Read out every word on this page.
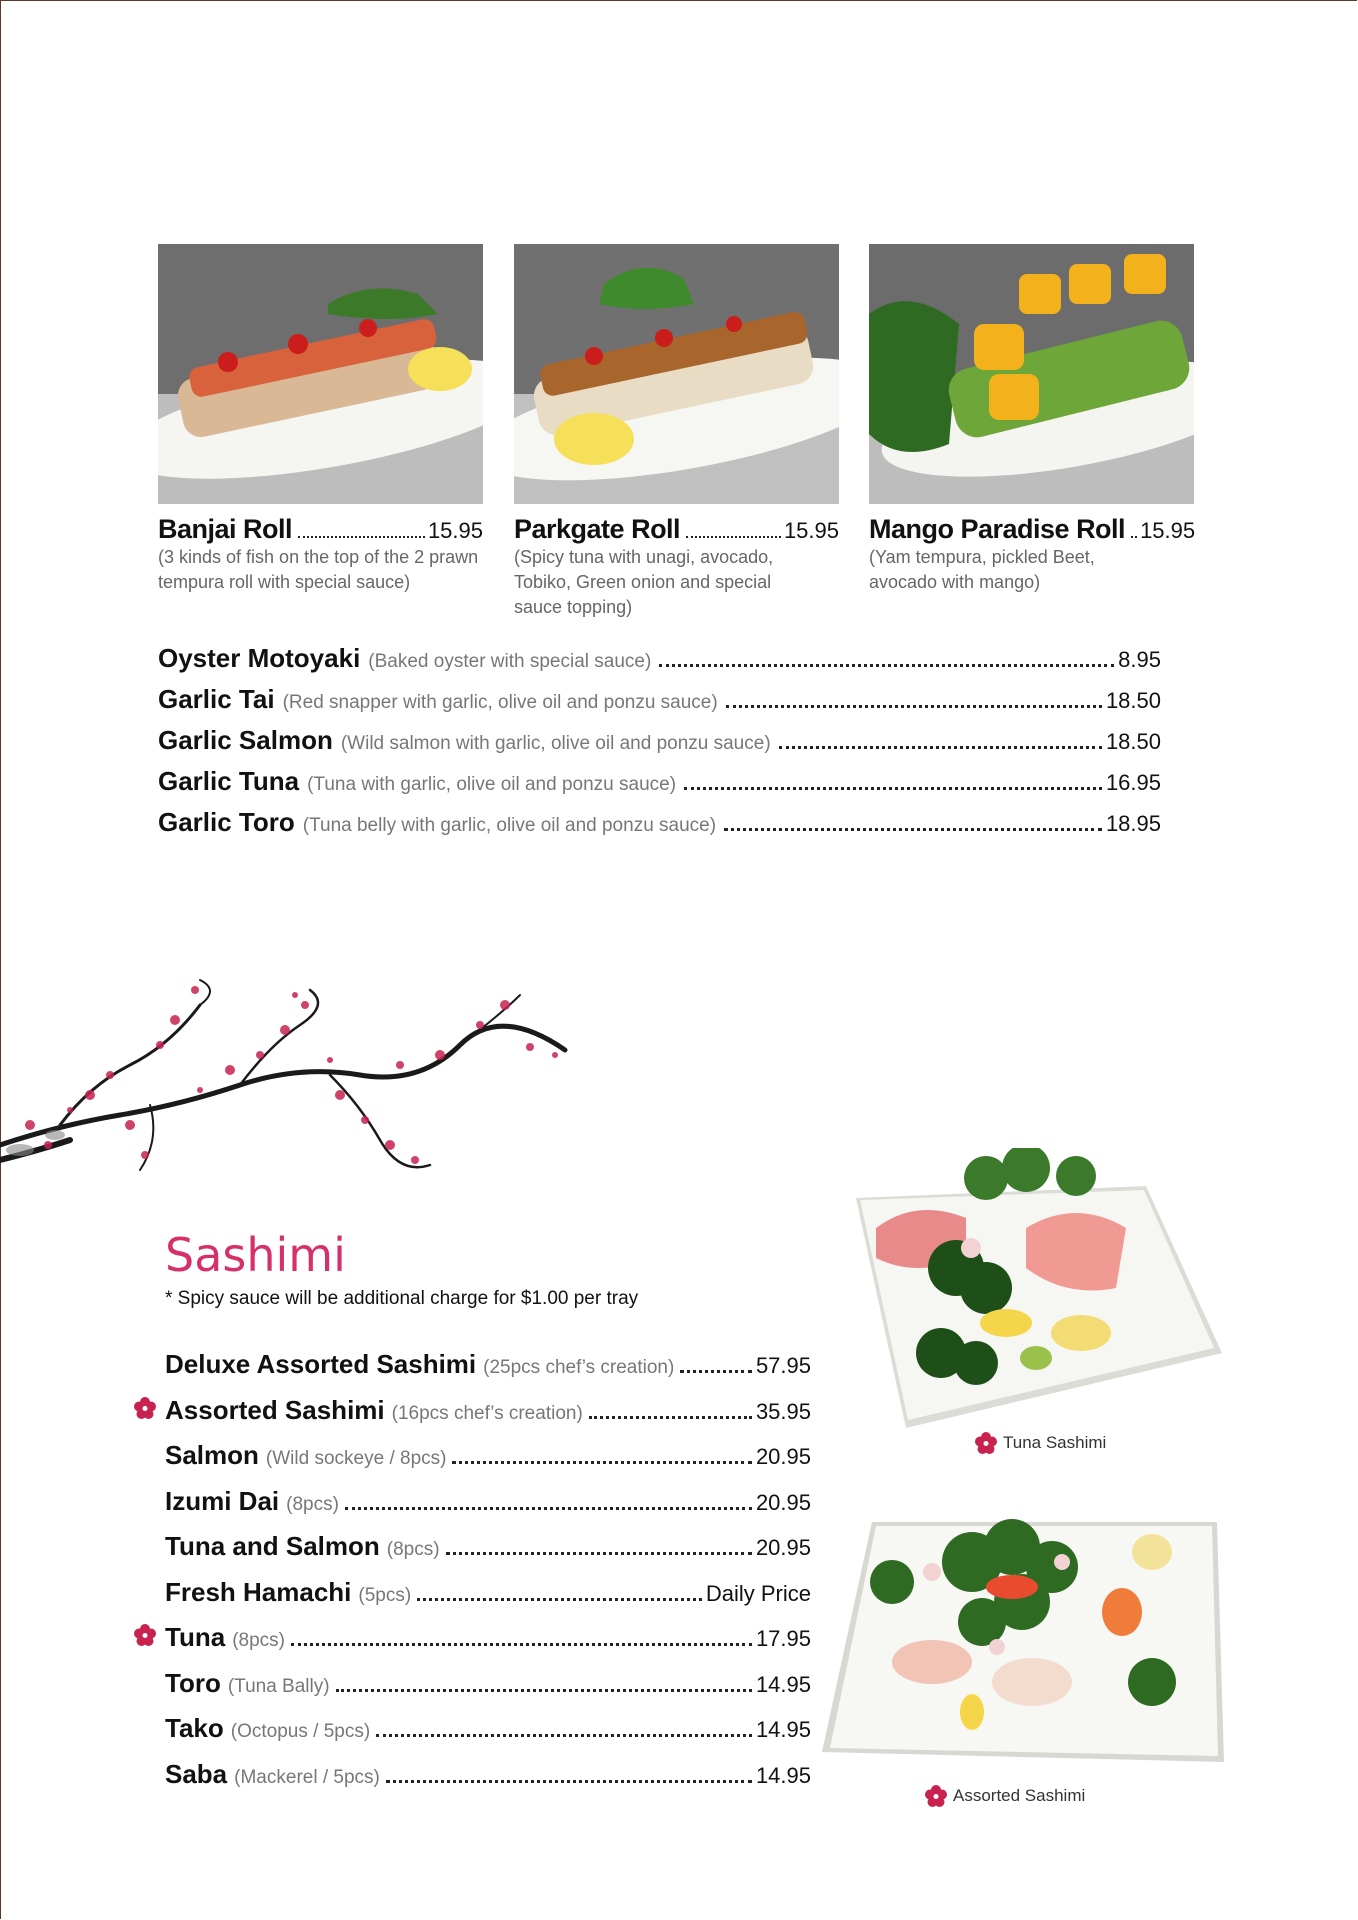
Banjai Roll	15.95
(3 kinds of fish on the top of the 2 prawn tempura roll with special sauce)
Parkgate Roll	15.95
(Spicy tuna with unagi, avocado, Tobiko, Green onion and special sauce topping)
Mango Paradise Roll 15.95
(Yam tempura, pickled Beet, avocado with mango)
Oyster Motoyaki (Baked oyster with special sauce)	8.95
Garlic Tai (Red snapper with garlic, olive oil and ponzu sauce)	18.50
Garlic Salmon (Wild salmon with garlic, olive oil and ponzu sauce)	18.50
Garlic Tuna (Tuna with garlic, olive oil and ponzu sauce)	16.95
Garlic Toro (Tuna belly with garlic, olive oil and ponzu sauce)	18.95
Sashimi
* Spicy sauce will be additional charge for $1.00 per tray
Deluxe Assorted Sashimi (25pcs chef’s creation)	57.95
Assorted Sashimi (16pcs chef’s creation)	35.95
Salmon (Wild sockeye / 8pcs)	20.95
Izumi Dai (8pcs)	20.95
Tuna and Salmon (8pcs)	20.95
Fresh Hamachi (5pcs)	Daily Price
Tuna (8pcs)	17.95
Toro (Tuna Bally)	14.95
Tako (Octopus / 5pcs)	14.95
Saba (Mackerel / 5pcs)	14.95
Tuna Sashimi
Assorted Sashimi
